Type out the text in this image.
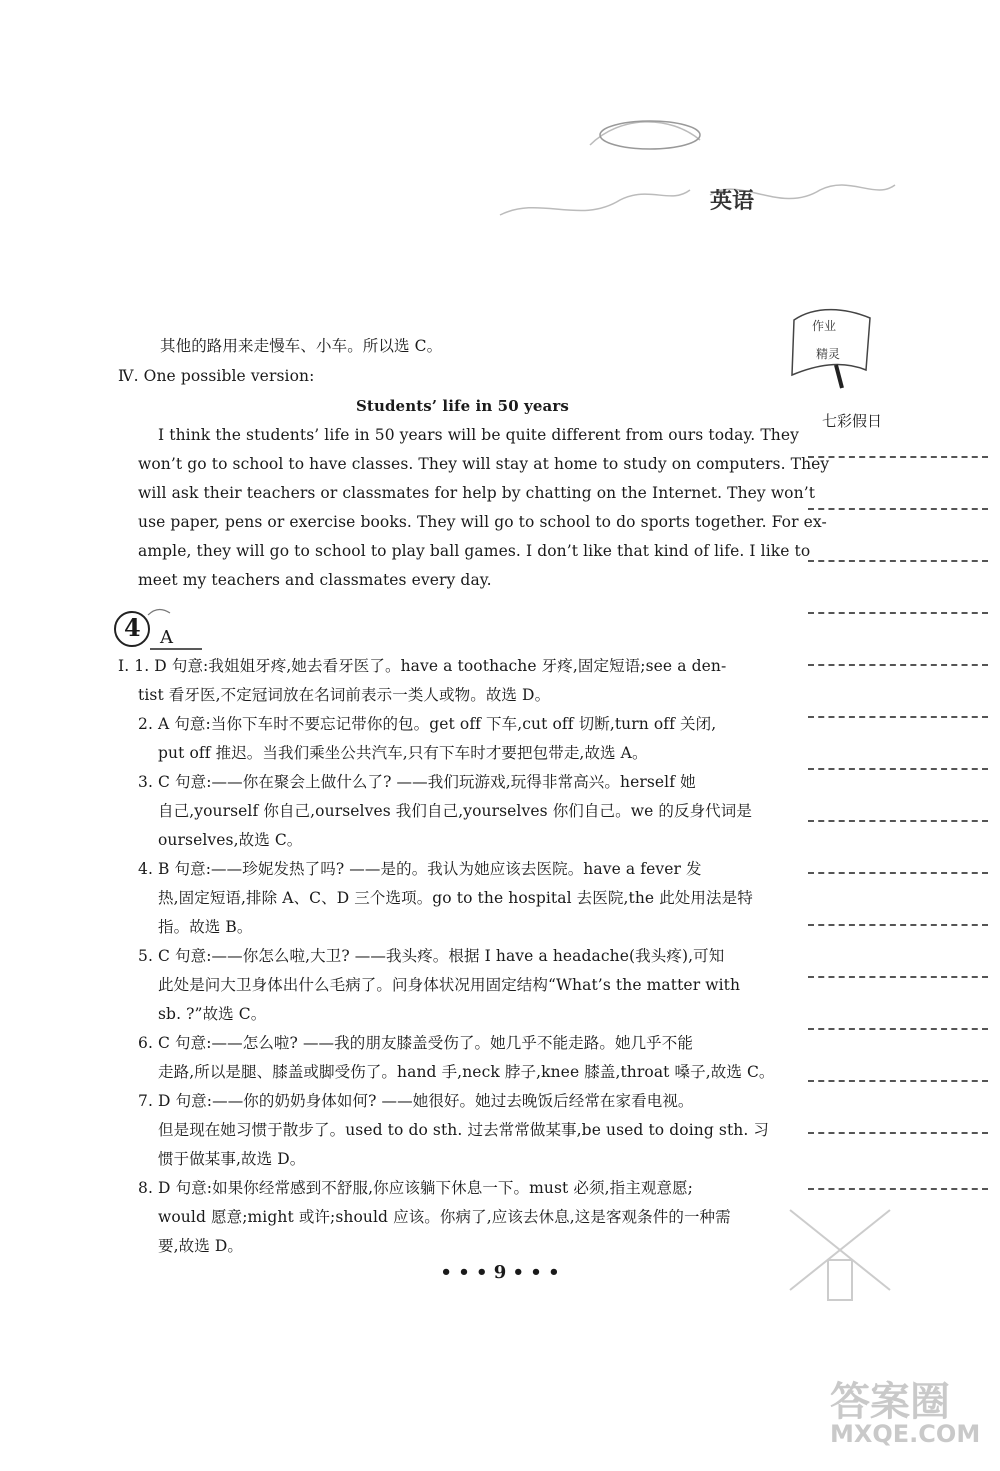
英语
作业
精灵
七彩假日
其他的路用来走慢车、小车。所以选 C。
Ⅳ. One possible version:
Students’ life in 50 years
I think the students’ life in 50 years will be quite different from ours today. They
won’t go to school to have classes. They will stay at home to study on computers. They
will ask their teachers or classmates for help by chatting on the Internet. They won’t
use paper, pens or exercise books. They will go to school to do sports together. For ex-
ample, they will go to school to play ball games. I don’t like that kind of life. I like to
meet my teachers and classmates every day.
4 A
Ⅰ. 1. D 句意:我姐姐牙疼,她去看牙医了。have a toothache 牙疼,固定短语;see a den-
tist 看牙医,不定冠词放在名词前表示一类人或物。故选 D。
2. A 句意:当你下车时不要忘记带你的包。get off 下车,cut off 切断,turn off 关闭,
put off 推迟。当我们乘坐公共汽车,只有下车时才要把包带走,故选 A。
3. C 句意:——你在聚会上做什么了? ——我们玩游戏,玩得非常高兴。herself 她
自己,yourself 你自己,ourselves 我们自己,yourselves 你们自己。we 的反身代词是
ourselves,故选 C。
4. B 句意:——珍妮发热了吗? ——是的。我认为她应该去医院。have a fever 发
热,固定短语,排除 A、C、D 三个选项。go to the hospital 去医院,the 此处用法是特
指。故选 B。
5. C 句意:——你怎么啦,大卫? ——我头疼。根据 I have a headache(我头疼),可知
此处是问大卫身体出什么毛病了。问身体状况用固定结构“What’s the matter with
sb. ?”故选 C。
6. C 句意:——怎么啦? ——我的朋友膝盖受伤了。她几乎不能走路。她几乎不能
走路,所以是腿、膝盖或脚受伤了。hand 手,neck 脖子,knee 膝盖,throat 嗓子,故选 C。
7. D 句意:——你的奶奶身体如何? ——她很好。她过去晚饭后经常在家看电视。
但是现在她习惯于散步了。used to do sth. 过去常常做某事,be used to doing sth. 习
惯于做某事,故选 D。
8. D 句意:如果你经常感到不舒服,你应该躺下休息一下。must 必须,指主观意愿;
would 愿意;might 或许;should 应该。你病了,应该去休息,这是客观条件的一种需
要,故选 D。
• • • 9 • • •
答案圈
MXQE.COM
